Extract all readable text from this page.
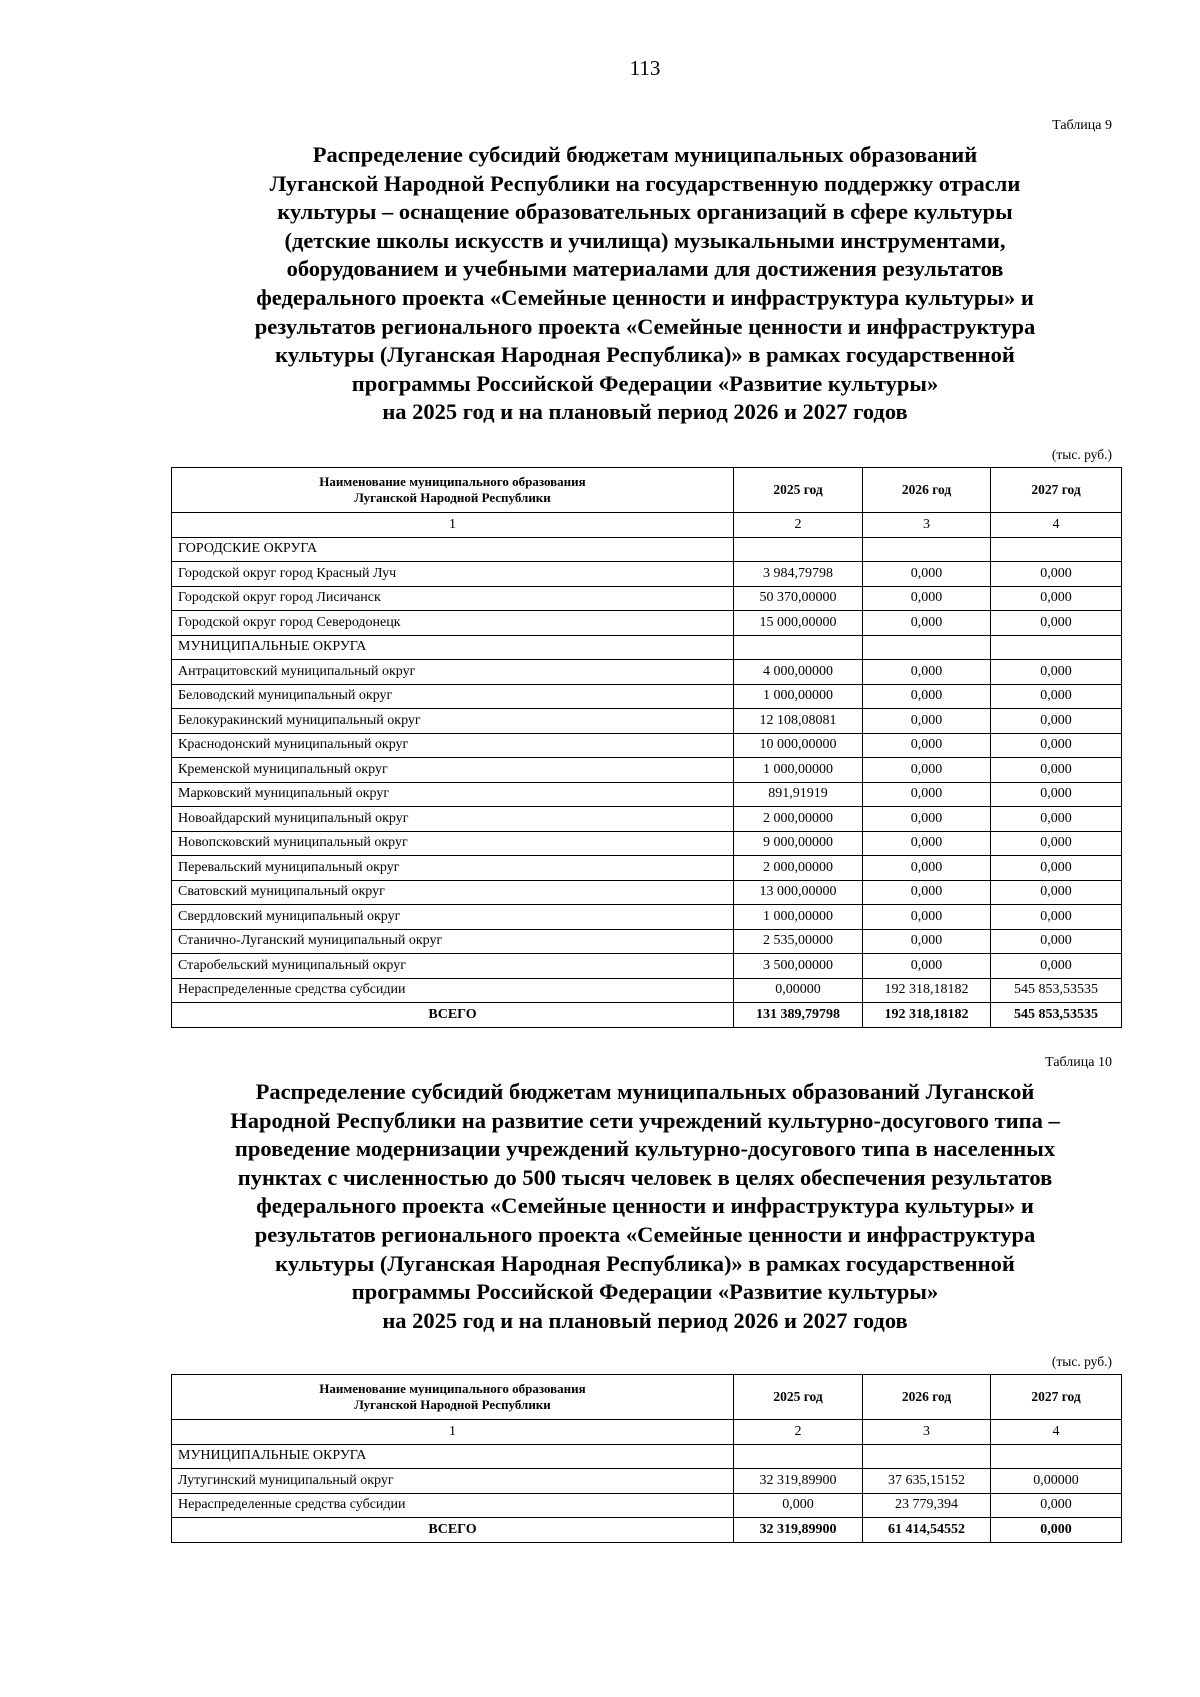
113
Таблица 9
Распределение субсидий бюджетам муниципальных образований
Луганской Народной Республики на государственную поддержку отрасли
культуры – оснащение образовательных организаций в сфере культуры
(детские школы искусств и училища) музыкальными инструментами,
оборудованием и учебными материалами для достижения результатов
федерального проекта «Семейные ценности и инфраструктура культуры» и
результатов регионального проекта «Семейные ценности и инфраструктура
культуры (Луганская Народная Республика)» в рамках государственной
программы Российской Федерации «Развитие культуры»
на 2025 год и на плановый период 2026 и 2027 годов
(тыс. руб.)
Наименование муниципального образования
Луганской Народной Республики	2025 год	2026 год	2027 год
1	2	3	4
ГОРОДСКИЕ ОКРУГА			
Городской округ город Красный Луч	3 984,79798	0,000	0,000
Городской округ город Лисичанск	50 370,00000	0,000	0,000
Городской округ город Северодонецк	15 000,00000	0,000	0,000
МУНИЦИПАЛЬНЫЕ ОКРУГА			
Антрацитовский муниципальный округ	4 000,00000	0,000	0,000
Беловодский муниципальный округ	1 000,00000	0,000	0,000
Белокуракинский муниципальный округ	12 108,08081	0,000	0,000
Краснодонский муниципальный округ	10 000,00000	0,000	0,000
Кременской муниципальный округ	1 000,00000	0,000	0,000
Марковский муниципальный округ	891,91919	0,000	0,000
Новоайдарский муниципальный округ	2 000,00000	0,000	0,000
Новопсковский муниципальный округ	9 000,00000	0,000	0,000
Перевальский муниципальный округ	2 000,00000	0,000	0,000
Сватовский муниципальный округ	13 000,00000	0,000	0,000
Свердловский муниципальный округ	1 000,00000	0,000	0,000
Станично-Луганский муниципальный округ	2 535,00000	0,000	0,000
Старобельский муниципальный округ	3 500,00000	0,000	0,000
Нераспределенные средства субсидии	0,00000	192 318,18182	545 853,53535
ВСЕГО	131 389,79798	192 318,18182	545 853,53535
Таблица 10
Распределение субсидий бюджетам муниципальных образований Луганской
Народной Республики на развитие сети учреждений культурно-досугового типа –
проведение модернизации учреждений культурно-досугового типа в населенных
пунктах с численностью до 500 тысяч человек в целях обеспечения результатов
федерального проекта «Семейные ценности и инфраструктура культуры» и
результатов регионального проекта «Семейные ценности и инфраструктура
культуры (Луганская Народная Республика)» в рамках государственной
программы Российской Федерации «Развитие культуры»
на 2025 год и на плановый период 2026 и 2027 годов
(тыс. руб.)
Наименование муниципального образования
Луганской Народной Республики	2025 год	2026 год	2027 год
1	2	3	4
МУНИЦИПАЛЬНЫЕ ОКРУГА			
Лутугинский муниципальный округ	32 319,89900	37 635,15152	0,00000
Нераспределенные средства субсидии	0,000	23 779,394	0,000
ВСЕГО	32 319,89900	61 414,54552	0,000
